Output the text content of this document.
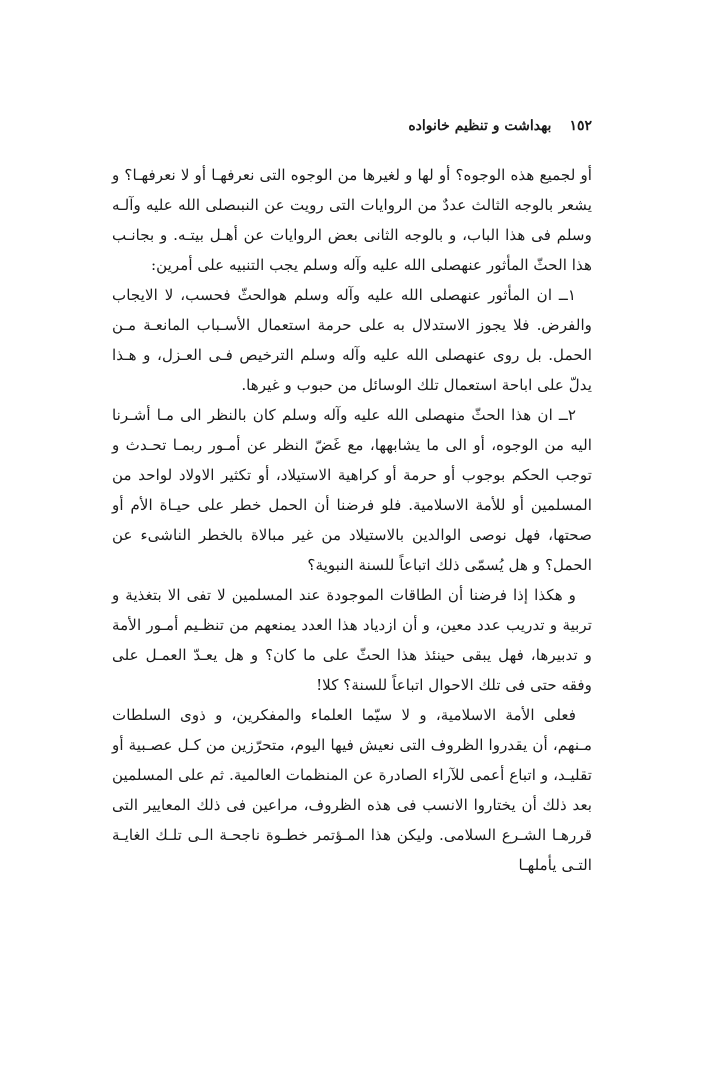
١٥٢
بهداشت و تنظيم خانواده

أو لجميع هذه الوجوه؟ أو لها و لغيرها من الوجوه التى نعرفهـا أو لا نعرفهـا؟ و يشعر بالوجه الثالث عددٌ من الروايات التى رويت عن النبىصلى الله عليه وآلـه وسلم فى هذا الباب، و بالوجه الثانى بعض الروايات عن أهـل بيتـه. و بجانـب هذا الحثّ المأثور عنهصلى الله عليه وآله وسلم يجب التنبيه على أمرين:

١ــ ان المأثور عنهصلى الله عليه وآله وسلم هوالحثّ فحسب، لا الايجاب والفرض. فلا يجوز الاستدلال به على حرمة استعمال الأسـباب المانعـة مـن الحمل. بل روى عنهصلى الله عليه وآله وسلم الترخيص فـى العـزل، و هـذا يدلّ على اباحة استعمال تلك الوسائل من حبوب و غيرها.

٢ــ ان هذا الحثّ منهصلى الله عليه وآله وسلم كان بالنظر الى مـا أشـرنا اليه من الوجوه، أو الى ما يشابهها، مع غَضّ النظر عن أمـور ربمـا تحـدث و توجب الحكم بوجوب أو حرمة أو كراهية الاستيلاد، أو تكثير الاولاد لواحد من المسلمين أو للأمة الاسلامية. فلو فرضنا أن الحمل خطر على حيـاة الأم أو صحتها، فهل نوصى الوالدين بالاستيلاد من غير مبالاة بالخطر الناشىء عن الحمل؟ و هل يُسمّى ذلك اتباعاً للسنة النبوية؟

و هكذا إذا فرضنا أن الطاقات الموجودة عند المسلمين لا تفى الا بتغذية و تربية و تدريب عدد معين، و أن ازدياد هذا العدد يمنعهم من تنظـيم أمـور الأمة و تدبيرها، فهل يبقى حينئذ هذا الحثّ على ما كان؟ و هل يعـدّ العمـل على وفقه حتى فى تلك الاحوال اتباعاً للسنة؟ كلا!

فعلى الأمة الاسلامية، و لا سيّما العلماء والمفكرين، و ذوى السلطات مـنهم، أن يقدروا الظروف التى نعيش فيها اليوم، متحرّزين من كـل عصـبية أو تقليـد، و اتباع أعمى للآراء الصادرة عن المنظمات العالمية. ثم على المسلمين بعد ذلك أن يختاروا الانسب فى هذه الظروف، مراعين فى ذلك المعايير التى قررهـا الشـرع السلامى. وليكن هذا المـؤتمر خطـوة ناجحـة الـى تلـك الغايـة التـى يأملهـا
